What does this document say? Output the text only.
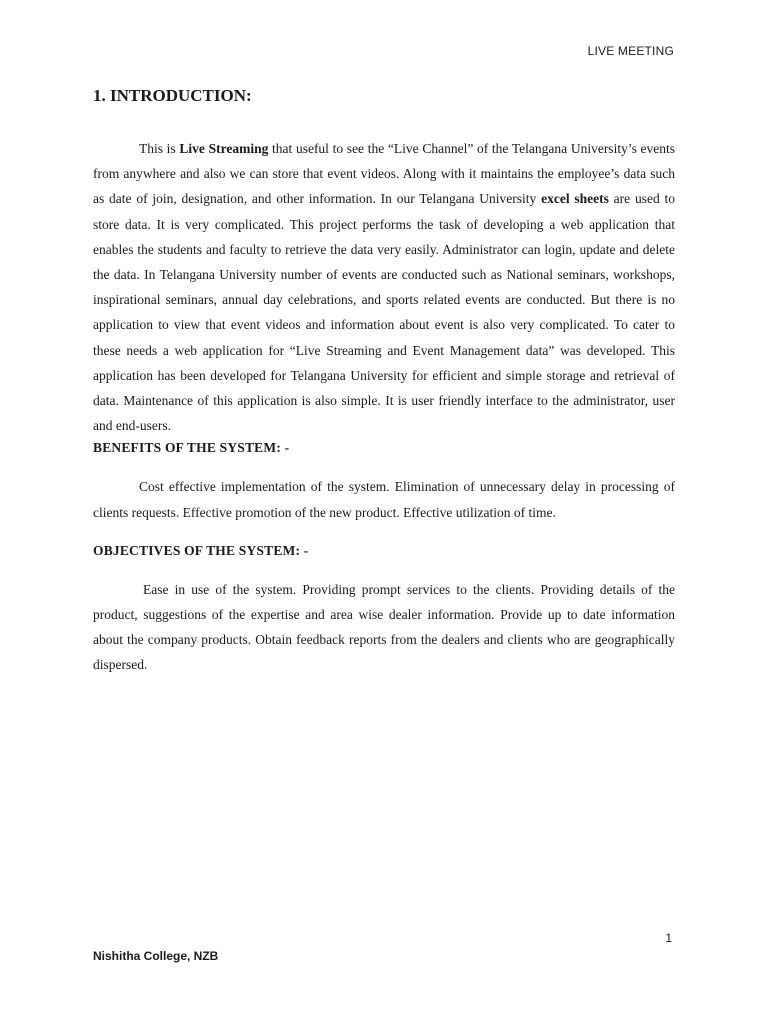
LIVE MEETING
1. INTRODUCTION:

This is Live Streaming that useful to see the “Live Channel” of the Telangana University’s events from anywhere and also we can store that event videos. Along with it maintains the employee’s data such as date of join, designation, and other information. In our Telangana University excel sheets are used to store data. It is very complicated. This project performs the task of developing a web application that enables the students and faculty to retrieve the data very easily. Administrator can login, update and delete the data. In Telangana University number of events are conducted such as National seminars, workshops, inspirational seminars, annual day celebrations, and sports related events are conducted. But there is no application to view that event videos and information about event is also very complicated. To cater to these needs a web application for “Live Streaming and Event Management data” was developed. This application has been developed for Telangana University for efficient and simple storage and retrieval of data. Maintenance of this application is also simple. It is user friendly interface to the administrator, user and end-users.

BENEFITS OF THE SYSTEM: -

Cost effective implementation of the system. Elimination of unnecessary delay in processing of clients requests. Effective promotion of the new product. Effective utilization of time.

OBJECTIVES OF THE SYSTEM: -

Ease in use of the system. Providing prompt services to the clients. Providing details of the product, suggestions of the expertise and area wise dealer information. Provide up to date information about the company products. Obtain feedback reports from the dealers and clients who are geographically dispersed.

1
Nishitha College, NZB
